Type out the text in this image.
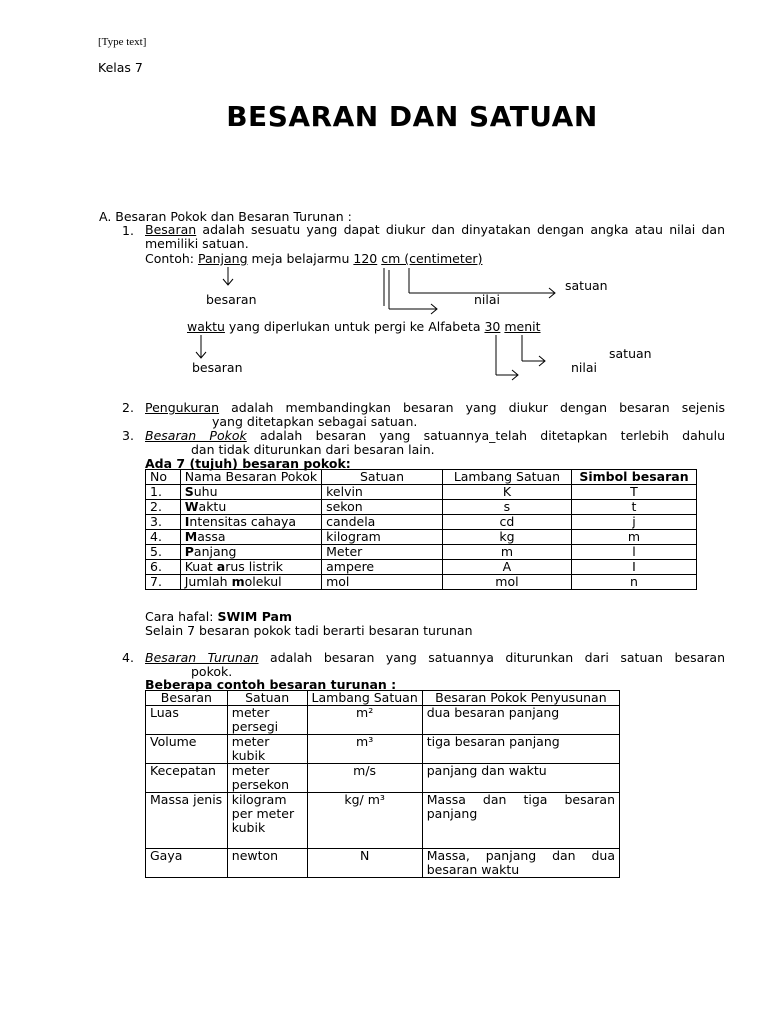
[Type text]
Kelas 7
BESARAN DAN SATUAN
A. Besaran Pokok dan Besaran Turunan :
1. Besaran adalah sesuatu yang dapat diukur dan dinyatakan dengan angka atau nilai dan memiliki satuan.
Contoh: Panjang meja belajarmu 120 cm (centimeter)
satuan
besaran	nilai
waktu yang diperlukan untuk pergi ke Alfabeta 30 menit
satuan
besaran	nilai
2. Pengukuran adalah membandingkan besaran yang diukur dengan besaran sejenis
yang ditetapkan sebagai satuan.
3. Besaran Pokok adalah besaran yang satuannya_telah ditetapkan terlebih dahulu
dan tidak diturunkan dari besaran lain.
Ada 7 (tujuh) besaran pokok:
No	Nama Besaran Pokok	Satuan	Lambang Satuan	Simbol besaran
1.	Suhu	kelvin	K	T
2.	Waktu	sekon	s	t
3.	Intensitas cahaya	candela	cd	j
4.	Massa	kilogram	kg	m
5.	Panjang	Meter	m	l
6.	Kuat arus listrik	ampere	A	I
7.	Jumlah molekul	mol	mol	n
Cara hafal: SWIM Pam
Selain 7 besaran pokok tadi berarti besaran turunan
4. Besaran Turunan adalah besaran yang satuannya diturunkan dari satuan besaran
pokok.
Beberapa contoh besaran turunan :
Besaran	Satuan	Lambang Satuan	Besaran Pokok Penyusunan
Luas	meter persegi	m²	dua besaran panjang
Volume	meter kubik	m³	tiga besaran panjang
Kecepatan	meter persekon	m/s	panjang dan waktu
Massa jenis	kilogram per meter kubik	kg/ m³	Massa dan tiga besaran panjang
Gaya	newton	N	Massa, panjang dan dua besaran waktu
